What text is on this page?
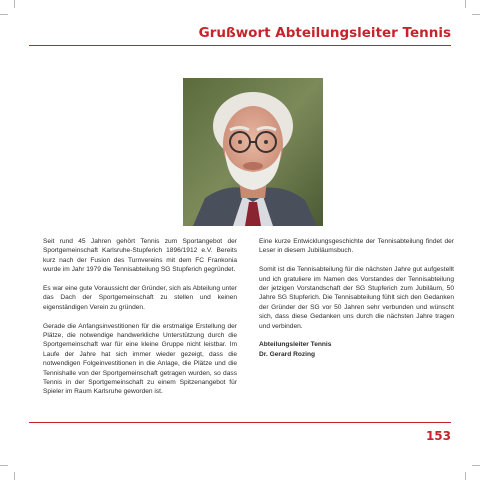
Grußwort Abteilungsleiter Tennis

Seit rund 45 Jahren gehört Tennis zum Sportangebot der Sportgemeinschaft Karlsruhe-Stupferich 1896/1912 e.V. Bereits kurz nach der Fusion des Turnvereins mit dem FC Frankonia wurde im Jahr 1979 die Tennisabteilung SG Stupferich gegründet.

Es war eine gute Voraussicht der Gründer, sich als Abteilung unter das Dach der Sportgemeinschaft zu stellen und keinen eigenständigen Verein zu gründen.

Gerade die Anfangsinvestitionen für die erstmalige Erstellung der Plätze, die notwendige handwerkliche Unterstützung durch die Sportgemeinschaft war für eine kleine Gruppe nicht leistbar. Im Laufe der Jahre hat sich immer wieder gezeigt, dass die notwendigen Folgeinvestitionen in die Anlage, die Plätze und die Tennishalle von der Sportgemeinschaft getragen wurden, so dass Tennis in der Sportgemeinschaft zu einem Spitzenangebot für Spieler im Raum Karlsruhe geworden ist.

Eine kurze Entwicklungsgeschichte der Tennisabteilung findet der Leser in diesem Jubiläumsbuch.

Somit ist die Tennisabteilung für die nächsten Jahre gut aufgestellt und ich gratuliere im Namen des Vorstandes der Tennisabteilung der jetzigen Vorstandschaft der SG Stupferich zum Jubiläum, 50 Jahre SG Stupferich. Die Tennisabteilung fühlt sich den Gedanken der Gründer der SG vor 50 Jahren sehr verbunden und wünscht sich, dass diese Gedanken uns durch die nächsten Jahre tragen und verbinden.

Abteilungsleiter Tennis
Dr. Gerard Rozing
153
